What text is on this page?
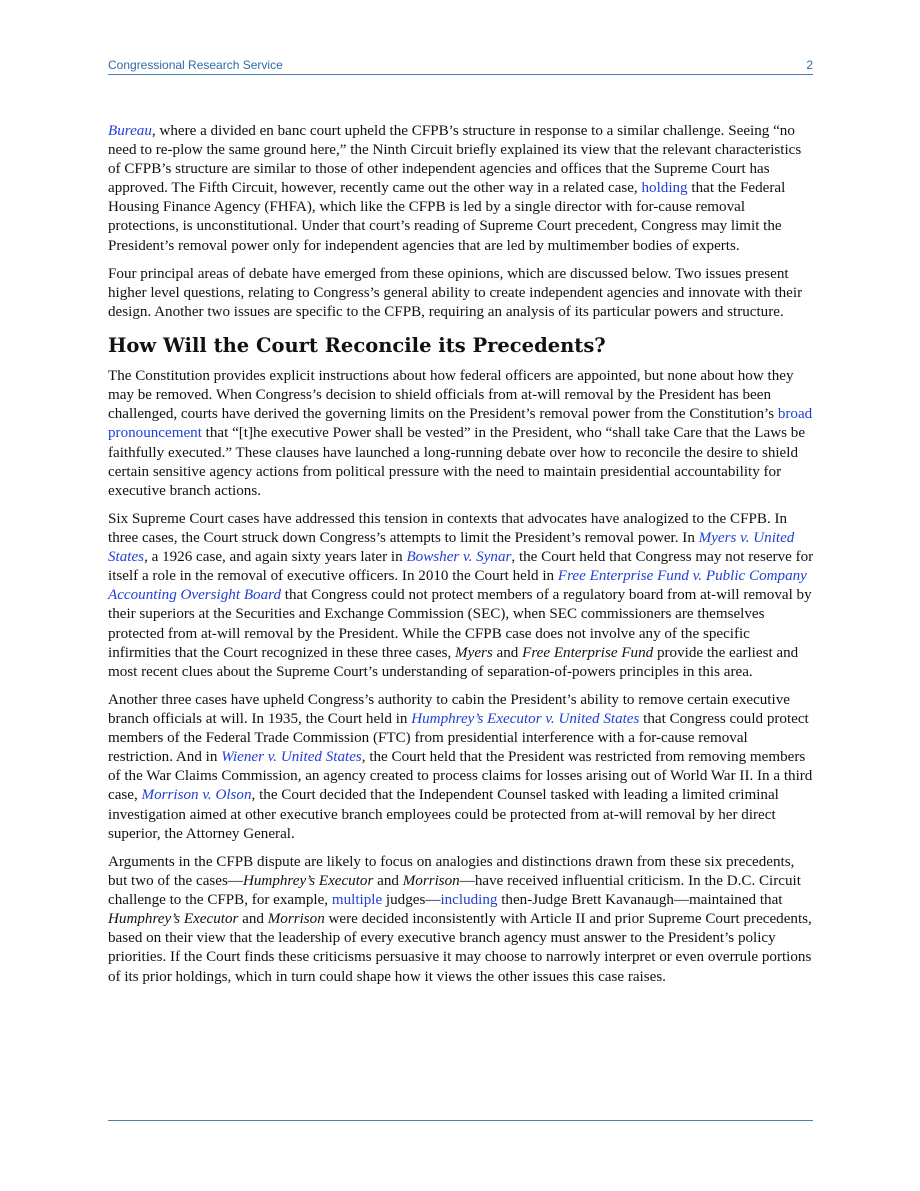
Congressional Research Service	2

Bureau, where a divided en banc court upheld the CFPB’s structure in response to a similar challenge. Seeing “no need to re-plow the same ground here,” the Ninth Circuit briefly explained its view that the relevant characteristics of CFPB’s structure are similar to those of other independent agencies and offices that the Supreme Court has approved. The Fifth Circuit, however, recently came out the other way in a related case, holding that the Federal Housing Finance Agency (FHFA), which like the CFPB is led by a single director with for-cause removal protections, is unconstitutional. Under that court’s reading of Supreme Court precedent, Congress may limit the President’s removal power only for independent agencies that are led by multimember bodies of experts.

Four principal areas of debate have emerged from these opinions, which are discussed below. Two issues present higher level questions, relating to Congress’s general ability to create independent agencies and innovate with their design. Another two issues are specific to the CFPB, requiring an analysis of its particular powers and structure.

How Will the Court Reconcile its Precedents?

The Constitution provides explicit instructions about how federal officers are appointed, but none about how they may be removed. When Congress’s decision to shield officials from at-will removal by the President has been challenged, courts have derived the governing limits on the President’s removal power from the Constitution’s broad pronouncement that “[t]he executive Power shall be vested” in the President, who “shall take Care that the Laws be faithfully executed.” These clauses have launched a long-running debate over how to reconcile the desire to shield certain sensitive agency actions from political pressure with the need to maintain presidential accountability for executive branch actions.

Six Supreme Court cases have addressed this tension in contexts that advocates have analogized to the CFPB. In three cases, the Court struck down Congress’s attempts to limit the President’s removal power. In Myers v. United States, a 1926 case, and again sixty years later in Bowsher v. Synar, the Court held that Congress may not reserve for itself a role in the removal of executive officers. In 2010 the Court held in Free Enterprise Fund v. Public Company Accounting Oversight Board that Congress could not protect members of a regulatory board from at-will removal by their superiors at the Securities and Exchange Commission (SEC), when SEC commissioners are themselves protected from at-will removal by the President. While the CFPB case does not involve any of the specific infirmities that the Court recognized in these three cases, Myers and Free Enterprise Fund provide the earliest and most recent clues about the Supreme Court’s understanding of separation-of-powers principles in this area.

Another three cases have upheld Congress’s authority to cabin the President’s ability to remove certain executive branch officials at will. In 1935, the Court held in Humphrey’s Executor v. United States that Congress could protect members of the Federal Trade Commission (FTC) from presidential interference with a for-cause removal restriction. And in Wiener v. United States, the Court held that the President was restricted from removing members of the War Claims Commission, an agency created to process claims for losses arising out of World War II. In a third case, Morrison v. Olson, the Court decided that the Independent Counsel tasked with leading a limited criminal investigation aimed at other executive branch employees could be protected from at-will removal by her direct superior, the Attorney General.

Arguments in the CFPB dispute are likely to focus on analogies and distinctions drawn from these six precedents, but two of the cases—Humphrey’s Executor and Morrison—have received influential criticism. In the D.C. Circuit challenge to the CFPB, for example, multiple judges—including then-Judge Brett Kavanaugh—maintained that Humphrey’s Executor and Morrison were decided inconsistently with Article II and prior Supreme Court precedents, based on their view that the leadership of every executive branch agency must answer to the President’s policy priorities. If the Court finds these criticisms persuasive it may choose to narrowly interpret or even overrule portions of its prior holdings, which in turn could shape how it views the other issues this case raises.
